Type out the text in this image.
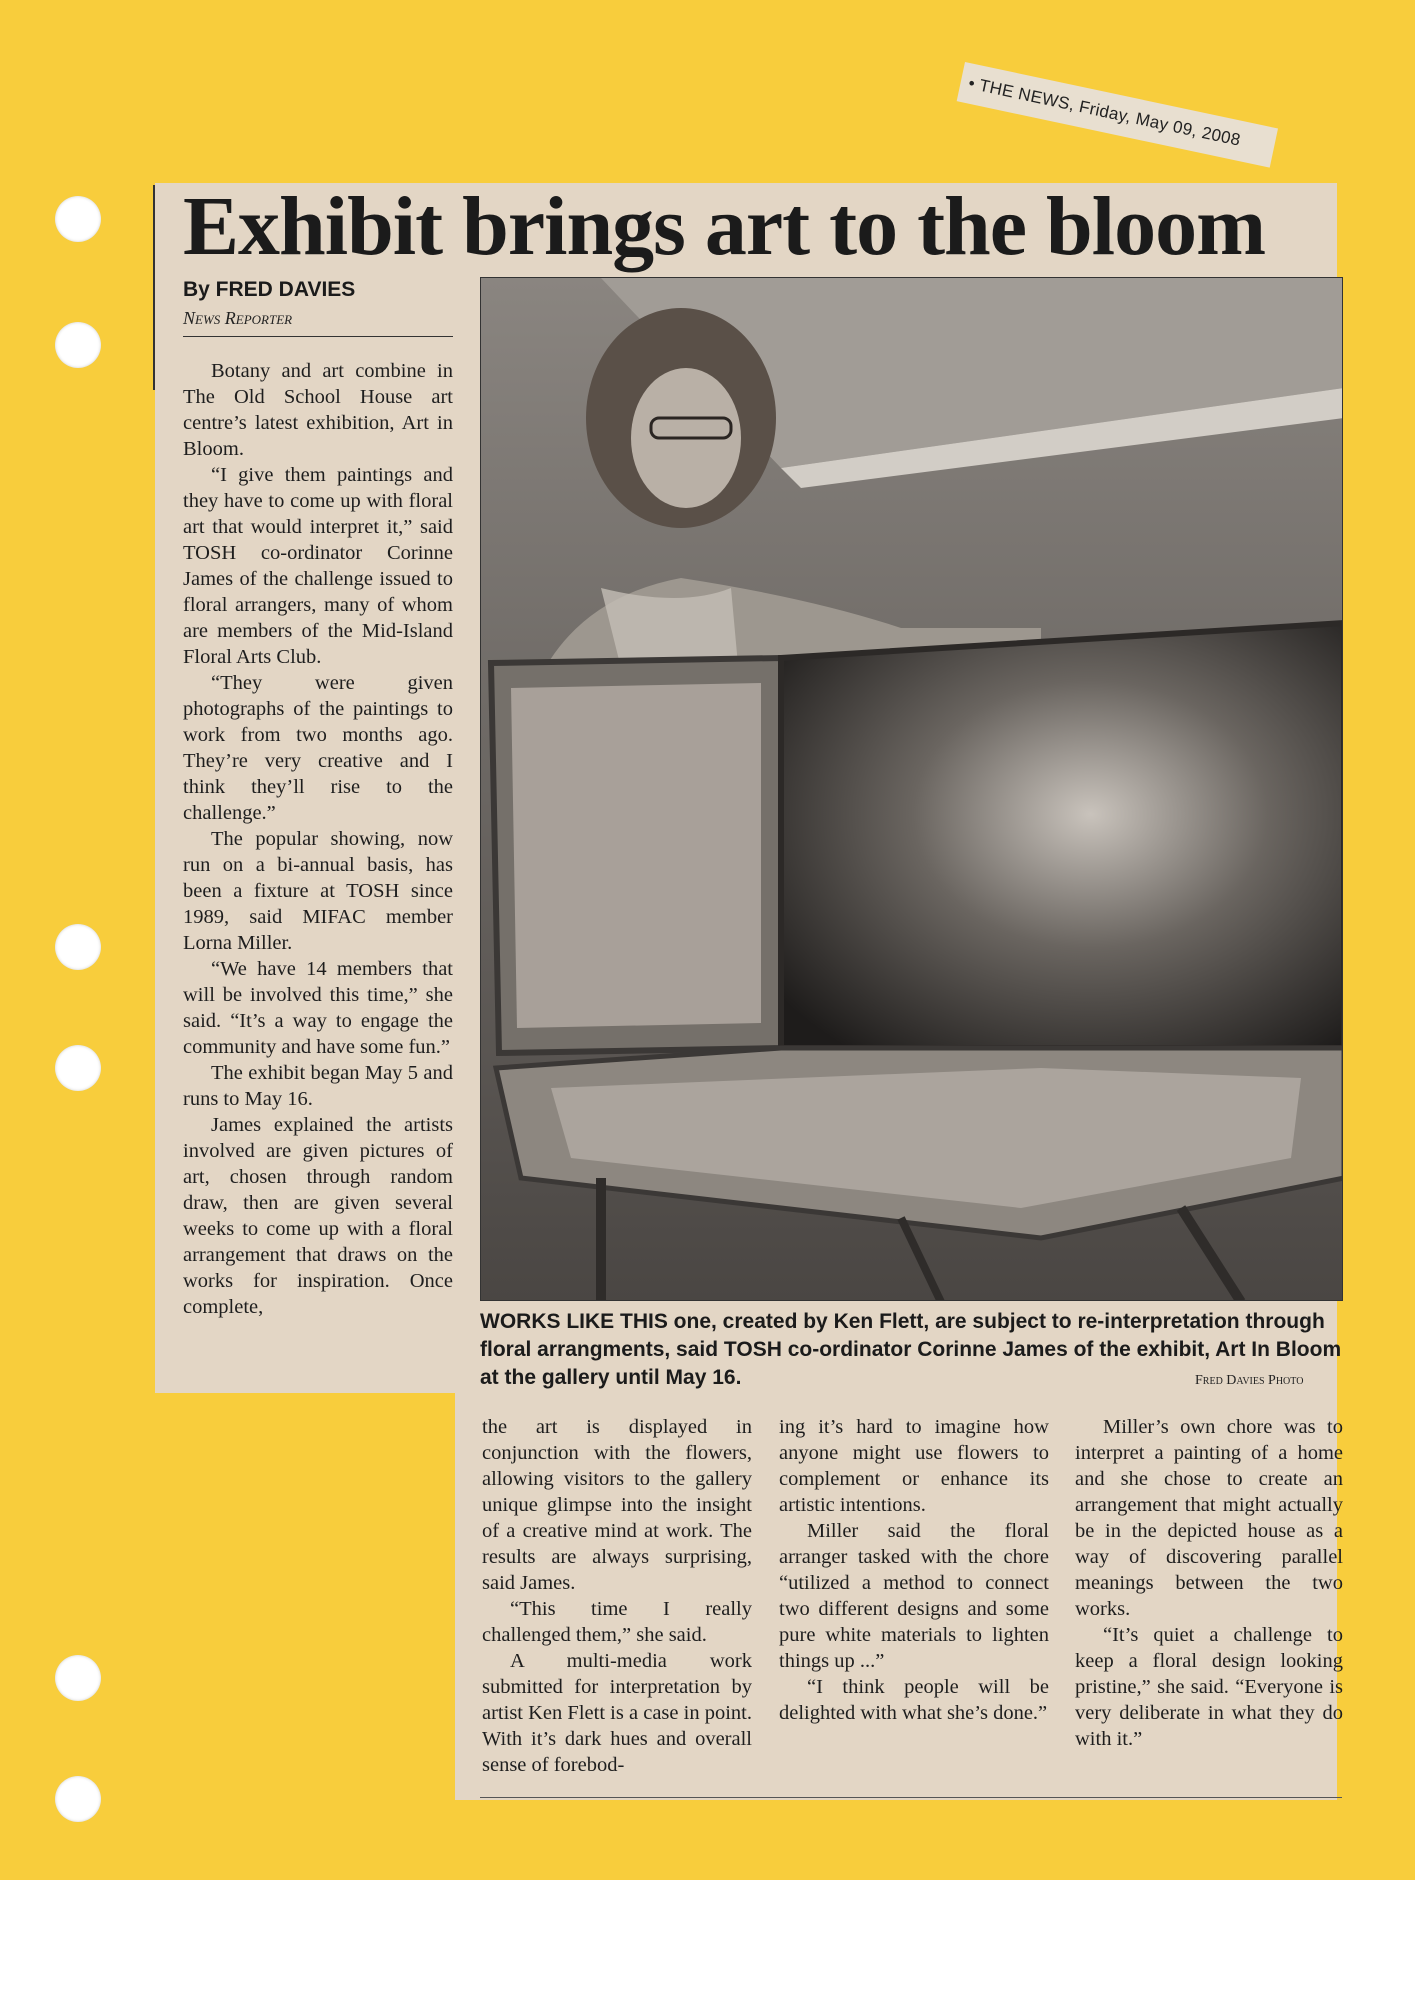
• THE NEWS, Friday, May 09, 2008
Exhibit brings art to the bloom
By FRED DAVIES
News Reporter

Botany and art combine in The Old School House art centre’s latest exhibition, Art in Bloom.

“I give them paintings and they have to come up with floral art that would interpret it,” said TOSH co-ordinator Corinne James of the challenge issued to floral arrangers, many of whom are members of the Mid-Island Floral Arts Club.

“They were given photographs of the paintings to work from two months ago. They’re very creative and I think they’ll rise to the challenge.”

The popular showing, now run on a bi-annual basis, has been a fixture at TOSH since 1989, said MIFAC member Lorna Miller.

“We have 14 members that will be involved this time,” she said. “It’s a way to engage the community and have some fun.”

The exhibit began May 5 and runs to May 16.

James explained the artists involved are given pictures of art, chosen through random draw, then are given several weeks to come up with a floral arrangement that draws on the works for inspiration. Once complete,

WORKS LIKE THIS one, created by Ken Flett, are subject to re-interpretation through floral arrangments, said TOSH co-ordinator Corinne James of the exhibit, Art In Bloom at the gallery until May 16.	Fred Davies Photo

the art is displayed in conjunction with the flowers, allowing visitors to the gallery unique glimpse into the insight of a creative mind at work. The results are always surprising, said James.

“This time I really challenged them,” she said.

A multi-media work submitted for interpretation by artist Ken Flett is a case in point. With it’s dark hues and overall sense of forebod-

ing it’s hard to imagine how anyone might use flowers to complement or enhance its artistic intentions.

Miller said the floral arranger tasked with the chore “utilized a method to connect two different designs and some pure white materials to lighten things up ...”

“I think people will be delighted with what she’s done.”

Miller’s own chore was to interpret a painting of a home and she chose to create an arrangement that might actually be in the depicted house as a way of discovering parallel meanings between the two works.

“It’s quiet a challenge to keep a floral design looking pristine,” she said. “Everyone is very deliberate in what they do with it.”
